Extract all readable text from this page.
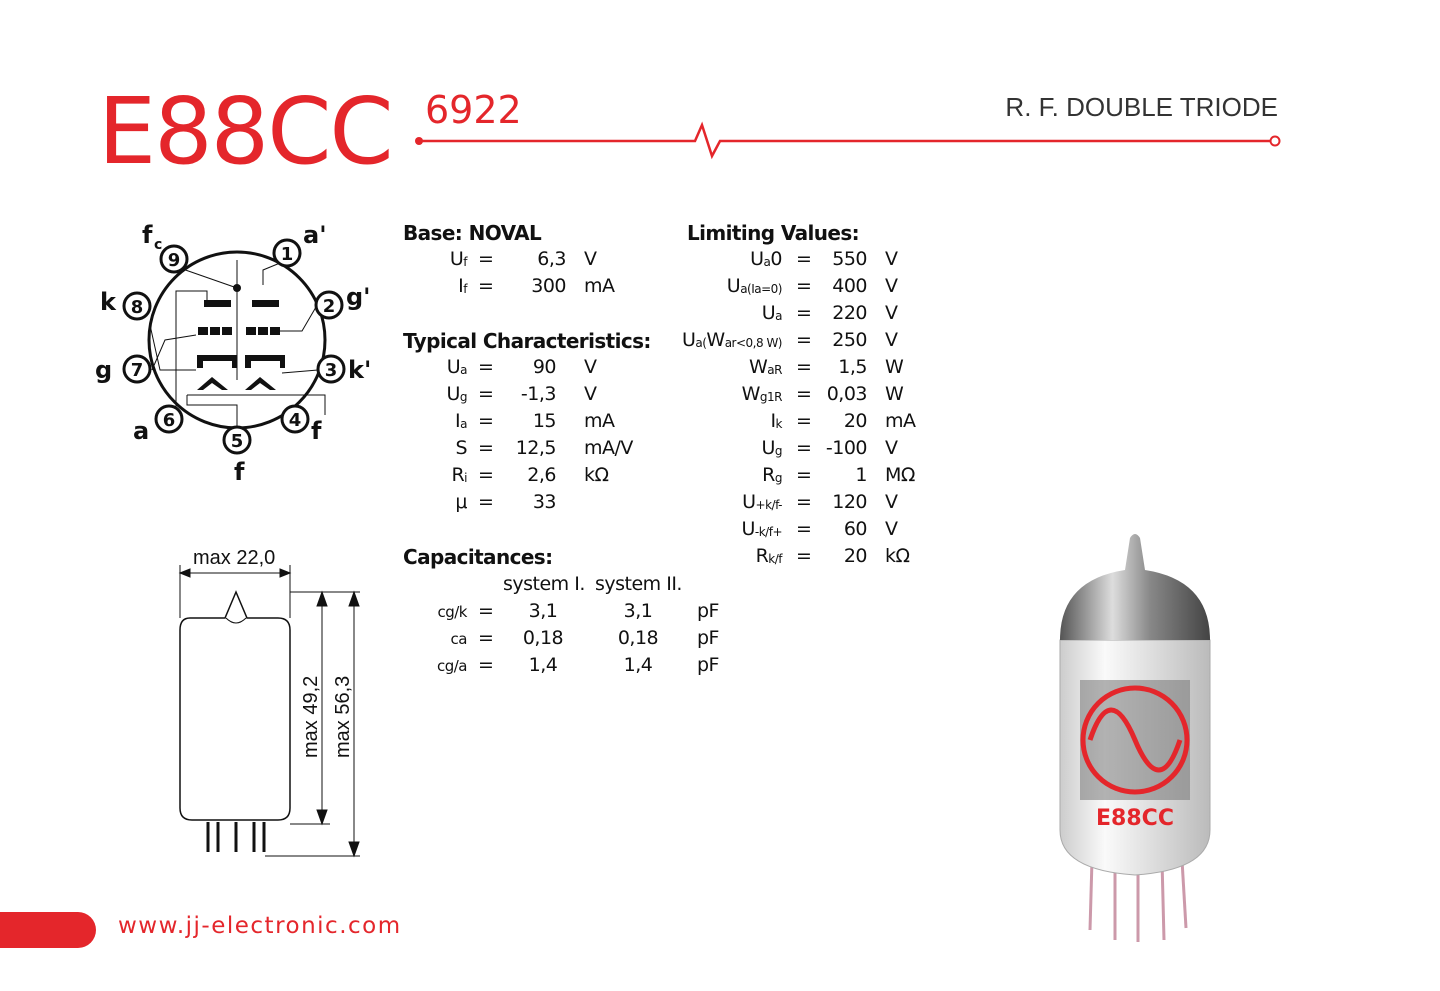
E88CC 6922	R. F. DOUBLE TRIODE
1
2
3
4
5
6
7
8
9
a'
g'
k'
f
f
a
g
k
f c
max 22,0
max 49,2 max 56,3
Base: NOVAL
$U_f = 6,3$ V
$I_f = 300$ mA
Typical Characteristics:
$U_a = 90$ V
$U_g = -1,3$ V
$I_a = 15$ mA
S = 12,5 mA/V
$R_i = 2,6$ kΩ
μ = 33
Capacitances:
system I. system II.
cg/k =	3,1	3,1	pF
ca =	0,18	0,18	pF
cg/a =	1,4	1,4	pF
Limiting Values:
$U_a0 = 550$ V
$U_{a(Ia=0)} = 400$ V
$U_a = 220$ V
$U_{a(}W_{ar<0,8 W)} = 250$ V
$W_{aR} = 1,5$ W
$W_{g1R} = 0,03$ W
$I_k = 20$ mA
$U_g = -100$ V
$R_g = 1$ MΩ
$U_{+k/f-} = 120$ V
$U_{-k/f+} = 60$ V
$R_{k/f} = 20$ kΩ
E88CC
www.jj-electronic.com
